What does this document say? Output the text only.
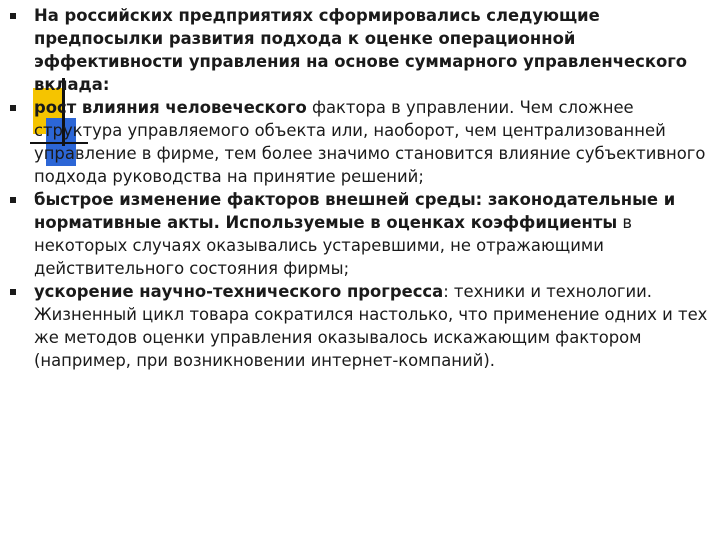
На российских предприятиях сформировались следующие предпосылки развития подхода к оценке операционной эффективности управления на основе суммарного управленческого вклада:

рост влияния человеческого фактора в управлении. Чем сложнее структура управляемого объекта или, наоборот, чем централизованней управление в фирме, тем более значимо становится влияние субъективного подхода руководства на принятие решений;

быстрое изменение факторов внешней среды: законодательные и нормативные акты. Используемые в оценках коэффициенты в некоторых случаях оказывались устаревшими, не отражающими действительного состояния фирмы;

ускорение научно-технического прогресса: техники и технологии. Жизненный цикл товара сократился настолько, что применение одних и тех же методов оценки управления оказывалось искажающим фактором (например, при возникновении интернет-компаний).
